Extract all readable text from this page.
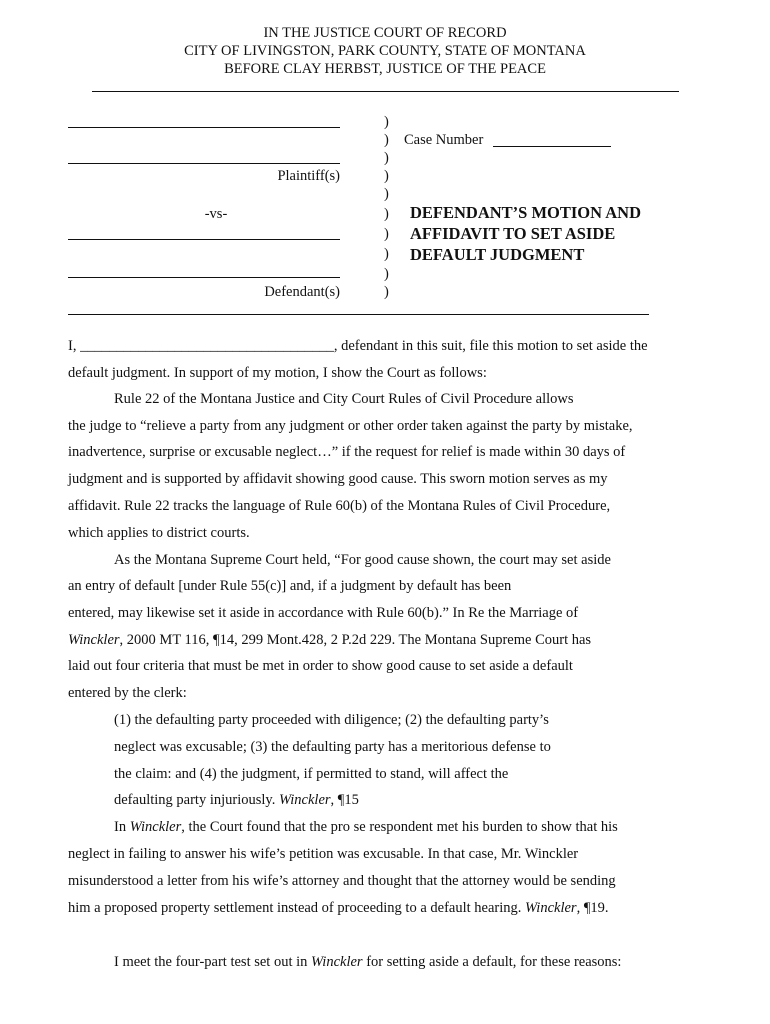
IN THE JUSTICE COURT OF RECORD
CITY OF LIVINGSTON, PARK COUNTY, STATE OF MONTANA
BEFORE CLAY HERBST, JUSTICE OF THE PEACE
Plaintiff(s)
-vs-
Defendant(s)
)
)
)
)
)
)
)
)
)
)
Case Number
DEFENDANT’S MOTION AND
AFFIDAVIT TO SET ASIDE
DEFAULT JUDGMENT
I, ___________________________________, defendant in this suit, file this motion to set aside the
default judgment. In support of my motion, I show the Court as follows:
Rule 22 of the Montana Justice and City Court Rules of Civil Procedure allows
the judge to “relieve a party from any judgment or other order taken against the party by mistake,
inadvertence, surprise or excusable neglect…” if the request for relief is made within 30 days of
judgment and is supported by affidavit showing good cause. This sworn motion serves as my
affidavit. Rule 22 tracks the language of Rule 60(b) of the Montana Rules of Civil Procedure,
which applies to district courts.
As the Montana Supreme Court held, “For good cause shown, the court may set aside
an entry of default [under Rule 55(c)] and, if a judgment by default has been
entered, may likewise set it aside in accordance with Rule 60(b).” In Re the Marriage of
Winckler, 2000 MT 116, ¶14, 299 Mont.428, 2 P.2d 229. The Montana Supreme Court has
laid out four criteria that must be met in order to show good cause to set aside a default
entered by the clerk:
(1) the defaulting party proceeded with diligence; (2) the defaulting party’s
neglect was excusable; (3) the defaulting party has a meritorious defense to
the claim: and (4) the judgment, if permitted to stand, will affect the
defaulting party injuriously. Winckler, ¶15
In Winckler, the Court found that the pro se respondent met his burden to show that his
neglect in failing to answer his wife’s petition was excusable. In that case, Mr. Winckler
misunderstood a letter from his wife’s attorney and thought that the attorney would be sending
him a proposed property settlement instead of proceeding to a default hearing. Winckler, ¶19.
I meet the four-part test set out in Winckler for setting aside a default, for these reasons:
